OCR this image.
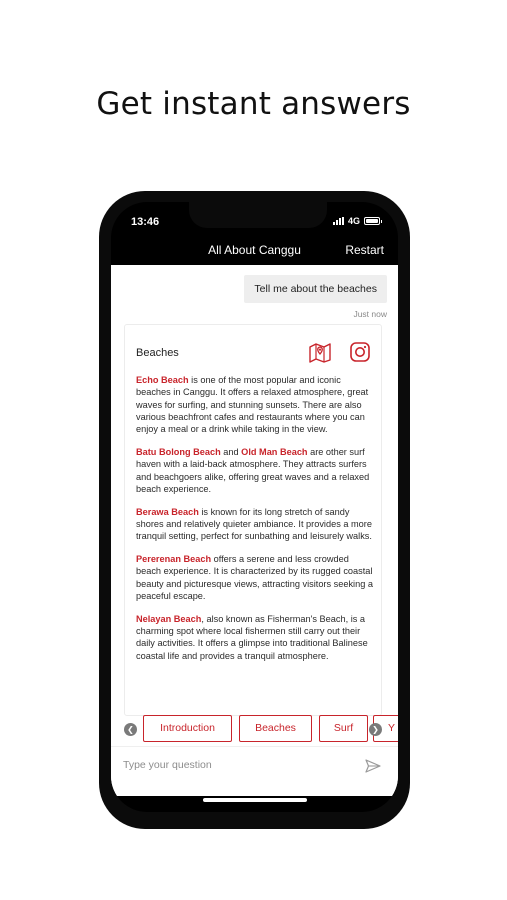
Get instant answers
13:46	4G
All About Canggu	Restart
Tell me about the beaches
Just now
Beaches

Echo Beach is one of the most popular and iconic beaches in Canggu. It offers a relaxed atmosphere, great waves for surfing, and stunning sunsets. There are also various beachfront cafes and restaurants where you can enjoy a meal or a drink while taking in the view.

Batu Bolong Beach and Old Man Beach are other surf haven with a laid-back atmosphere. They attracts surfers and beachgoers alike, offering great waves and a relaxed beach experience.

Berawa Beach is known for its long stretch of sandy shores and relatively quieter ambiance. It provides a more tranquil setting, perfect for sunbathing and leisurely walks.

Pererenan Beach offers a serene and less crowded beach experience. It is characterized by its rugged coastal beauty and picturesque views, attracting visitors seeking a peaceful escape.

Nelayan Beach, also known as Fisherman's Beach, is a charming spot where local fishermen still carry out their daily activities. It offers a glimpse into traditional Balinese coastal life and provides a tranquil atmosphere.

❮	Introduction	Beaches	Surf	Y
❯
Type your question
